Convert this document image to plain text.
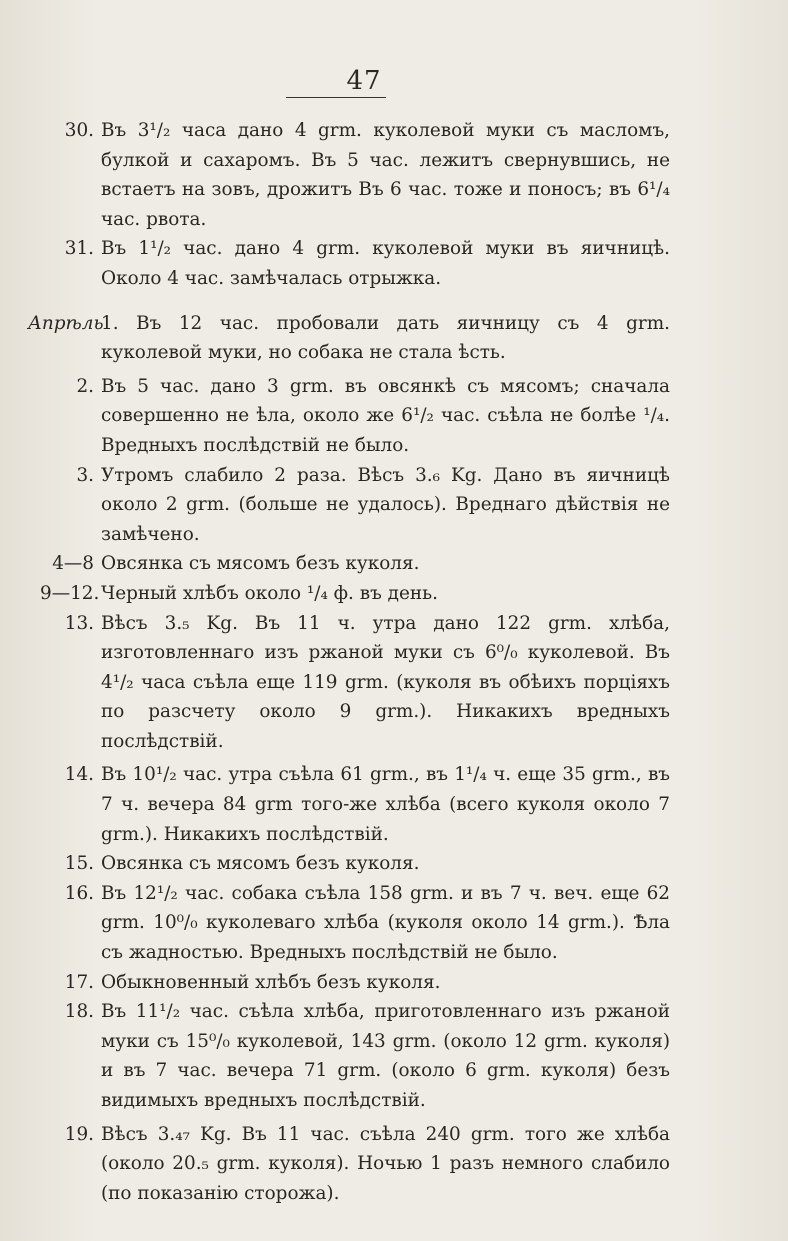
47
30. Въ 3¹/₂ часа дано 4 grm. куколевой муки съ масломъ, булкой и сахаромъ. Въ 5 час. лежитъ свернувшись, не встаетъ на зовъ, дрожитъ Въ 6 час. тоже и поносъ; въ 6¹/₄ час. рвота.
31. Въ 1¹/₂ час. дано 4 grm. куколевой муки въ яичницѣ. Около 4 час. замѣчалась отрыжка.
Апрѣль
1. Въ 12 час. пробовали дать яичницу съ 4 grm. куколевой муки, но собака не стала ѣсть.
2. Въ 5 час. дано 3 grm. въ овсянкѣ съ мясомъ; сначала совершенно не ѣла, около же 6¹/₂ час. съѣла не болѣе ¹/₄. Вредныхъ послѣдствій не было.
3. Утромъ слабило 2 раза. Вѣсъ 3.₆ Kg. Дано въ яичницѣ около 2 grm. (больше не удалось). Вреднаго дѣйствія не замѣчено.
4—8 Овсянка съ мясомъ безъ куколя.
9—12. Черный хлѣбъ около ¹/₄ ф. въ день.
13. Вѣсъ 3.₅ Kg. Въ 11 ч. утра дано 122 grm. хлѣба, изготовленнаго изъ ржаной муки съ 6⁰/₀ куколевой. Въ 4¹/₂ часа съѣла еще 119 grm. (куколя въ обѣихъ порціяхъ по разсчету около 9 grm.). Никакихъ вредныхъ послѣдствій.
14. Въ 10¹/₂ час. утра съѣла 61 grm., въ 1¹/₄ ч. еще 35 grm., въ 7 ч. вечера 84 grm того-же хлѣба (всего куколя около 7 grm.). Никакихъ послѣдствій.
15. Овсянка съ мясомъ безъ куколя.
16. Въ 12¹/₂ час. собака съѣла 158 grm. и въ 7 ч. веч. еще 62 grm. 10⁰/₀ куколеваго хлѣба (куколя около 14 grm.). Ѣла съ жадностью. Вредныхъ послѣдствій не было.
17. Обыкновенный хлѣбъ безъ куколя.
18. Въ 11¹/₂ час. съѣла хлѣба, приготовленнаго изъ ржаной муки съ 15⁰/₀ куколевой, 143 grm. (около 12 grm. куколя) и въ 7 час. вечера 71 grm. (около 6 grm. куколя) безъ видимыхъ вредныхъ послѣдствій.
19. Вѣсъ 3.₄₇ Kg. Въ 11 час. съѣла 240 grm. того же хлѣба (около 20.₅ grm. куколя). Ночью 1 разъ немного слабило (по показанію сторожа).
